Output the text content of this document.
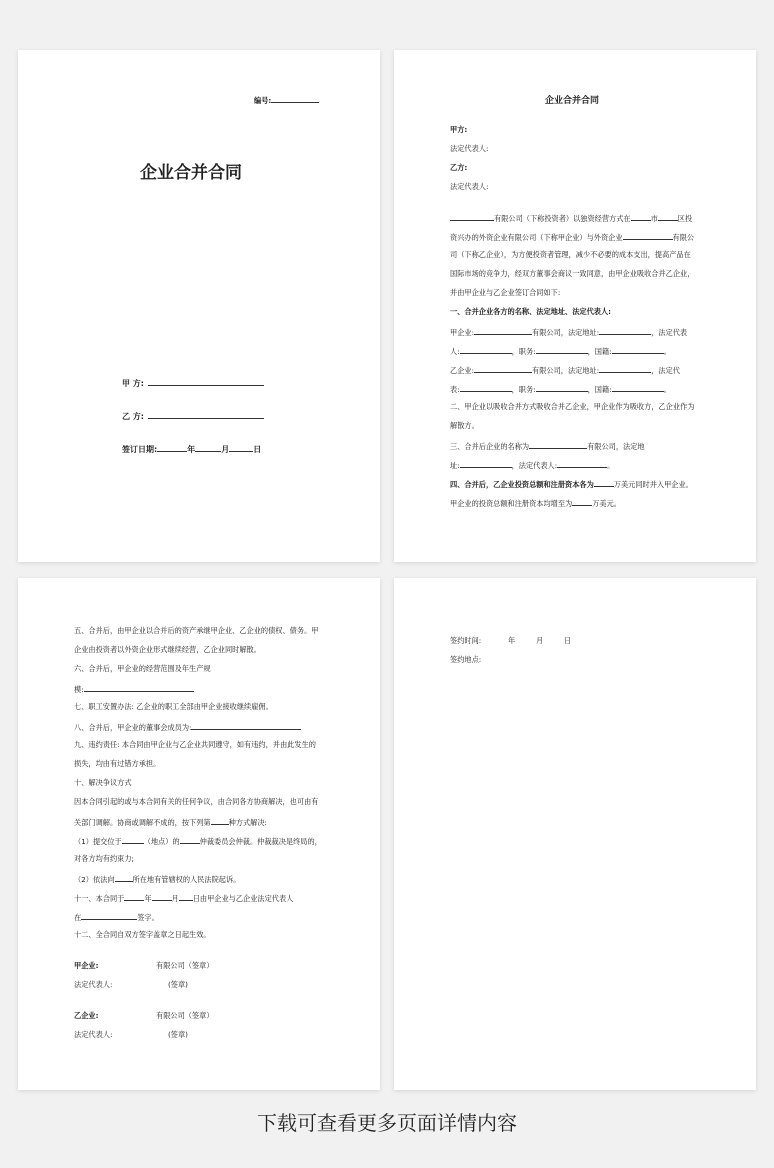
编号:
企业合并合同
甲 方:
乙 方:
签订日期:	年	月	日
企业合并合同
甲方:
法定代表人:
乙方:
法定代表人:
有限公司（下称投资者）以独资经营方式在	市	区投
资兴办的外资企业有限公司（下称甲企业）与外资企业	有限公
司（下称乙企业），为方便投资者管理，减少不必要的成本支出，提高产品在
国际市场的竞争力，经双方董事会商议一致同意，由甲企业吸收合并乙企业，
并由甲企业与乙企业签订合同如下:
一、合并企业各方的名称、法定地址、法定代表人:
甲企业:	有限公司，法定地址:	，法定代表
人:	，职务:	，国籍:	。
乙企业:	有限公司，法定地址:	，法定代
表:	，职务:	，国籍:	。
二、甲企业以吸收合并方式吸收合并乙企业，甲企业作为吸收方，乙企业作为
解散方。
三、合并后企业的名称为	有限公司，法定地
址:	，法定代表人:	。
四、合并后，乙企业投资总额和注册资本各为	万美元同时并入甲企业。
甲企业的投资总额和注册资本均增至为	万美元。
五、合并后，由甲企业以合并后的资产承继甲企业、乙企业的债权、债务。甲
企业由投资者以外资企业形式继续经营，乙企业同时解散。
六、合并后，甲企业的经营范围及年生产规
模:
七、职工安置办法: 乙企业的职工全部由甲企业接收继续雇佣。
八、合并后，甲企业的董事会成员为:
九、违约责任: 本合同由甲企业与乙企业共同遵守，如有违约，并由此发生的
损失，均由有过错方承担。
十、解决争议方式
因本合同引起的或与本合同有关的任何争议，由合同各方协商解决，也可由有
关部门调解。协商或调解不成的，按下列第	种方式解决:
（1）提交位于	（地点）的	仲裁委员会仲裁。仲裁裁决是终局的，
对各方均有约束力;
（2）依法向	所在地有管辖权的人民法院起诉。
十一、本合同于	年	月 日由甲企业与乙企业法定代表人
在	签字。
十二、全合同自双方签字盖章之日起生效。
甲企业:	有限公司（签章）
法定代表人:	(签章)
乙企业:	有限公司（签章）
法定代表人:	(签章)
签约时间:	年	月	日
签约地点:
下载可查看更多页面详情内容
